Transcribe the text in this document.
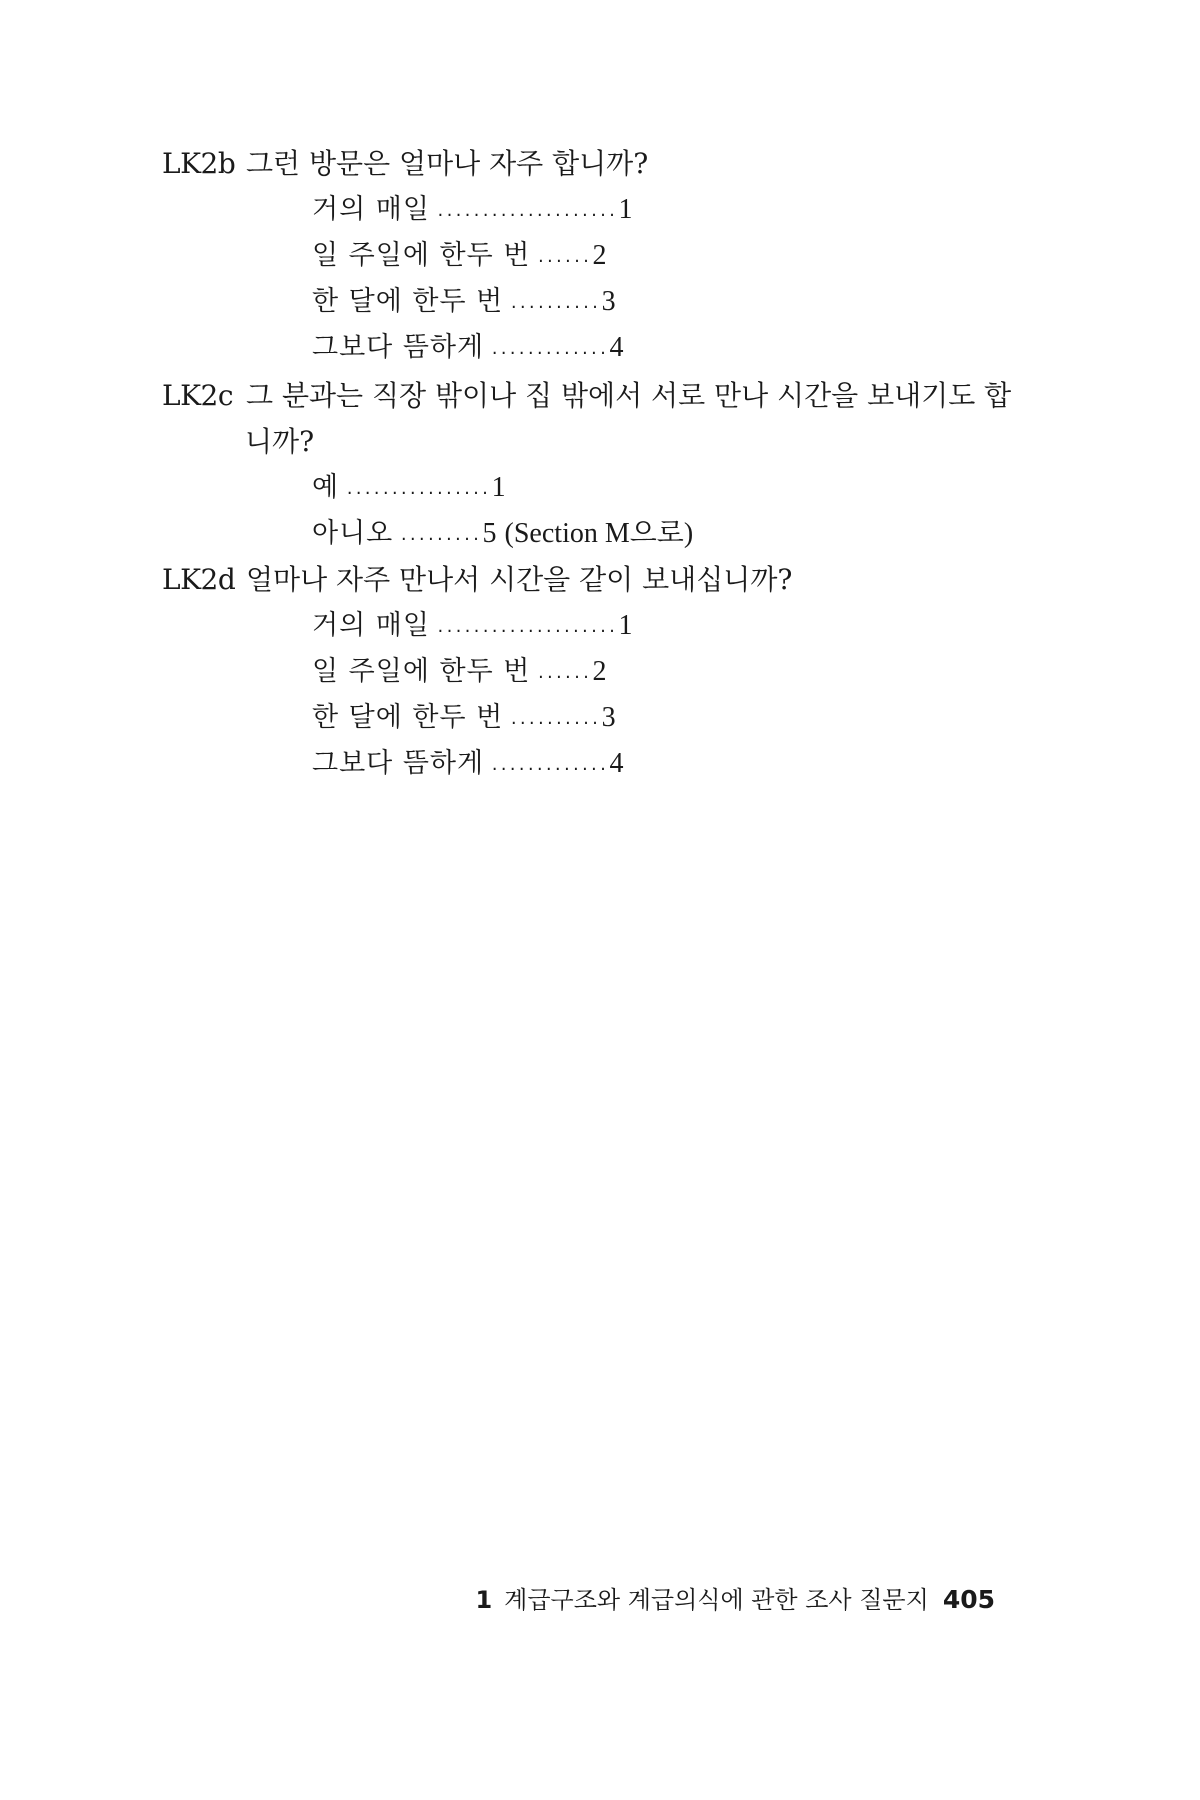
LK2b 그런 방문은 얼마나 자주 합니까?
거의 매일 ....................1
일 주일에 한두 번 ......2
한 달에 한두 번 ..........3
그보다 뜸하게 .............4
LK2c 그 분과는 직장 밖이나 집 밖에서 서로 만나 시간을 보내기도 합
니까?
예 ................1
아니오 .........5 (Section M으로)
LK2d 얼마나 자주 만나서 시간을 같이 보내십니까?
거의 매일 ....................1
일 주일에 한두 번 ......2
한 달에 한두 번 ..........3
그보다 뜸하게 .............4
1 계급구조와 계급의식에 관한 조사 질문지 405
